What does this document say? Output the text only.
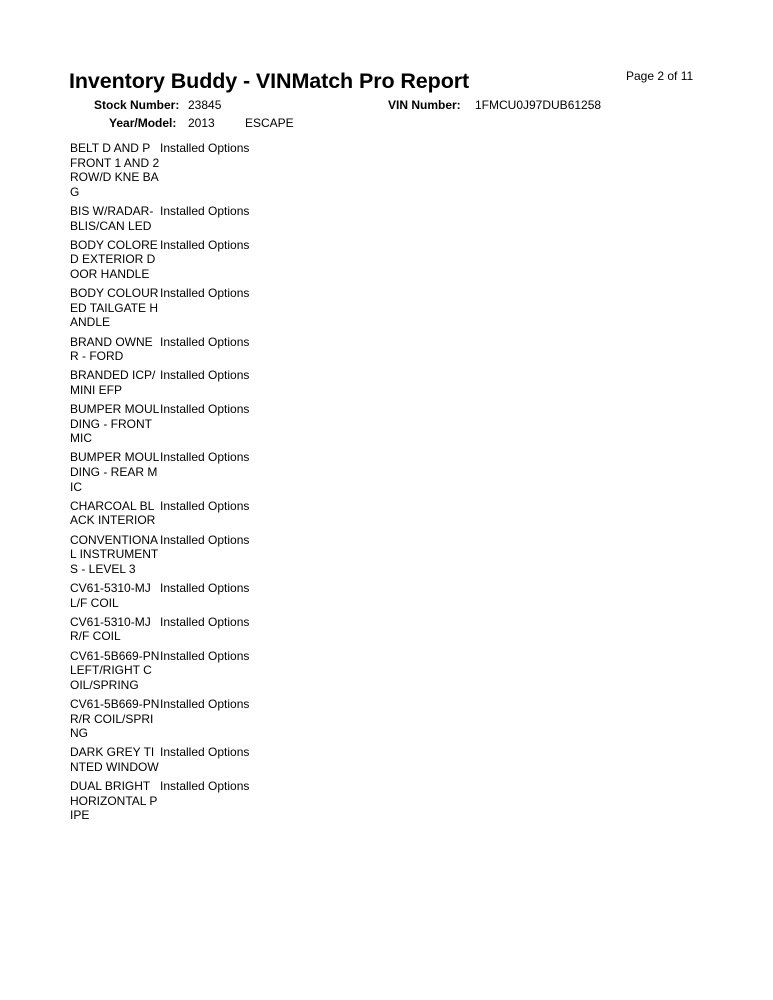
Page 2 of 11
Inventory Buddy - VINMatch Pro Report
Stock Number: 23845	VIN Number: 1FMCU0J97DUB61258
Year/Model: 2013	ESCAPE
BELT D AND P FRONT 1 AND 2 ROW/D KNE BAG
Installed Options
BIS W/RADAR-BLIS/CAN LED
Installed Options
BODY COLORED EXTERIOR DOOR HANDLE
Installed Options
BODY COLOURED TAILGATE HANDLE
Installed Options
BRAND OWNER - FORD
Installed Options
BRANDED ICP/MINI EFP
Installed Options
BUMPER MOULDING - FRONT MIC
Installed Options
BUMPER MOULDING - REAR MIC
Installed Options
CHARCOAL BLACK INTERIOR
Installed Options
CONVENTIONAL INSTRUMENTS - LEVEL 3
Installed Options
CV61-5310-MJ L/F COIL
Installed Options
CV61-5310-MJ R/F COIL
Installed Options
CV61-5B669-PN LEFT/RIGHT COIL/SPRING
Installed Options
CV61-5B669-PN R/R COIL/SPRING
Installed Options
DARK GREY TINTED WINDOW
Installed Options
DUAL BRIGHT HORIZONTAL PIPE
Installed Options
